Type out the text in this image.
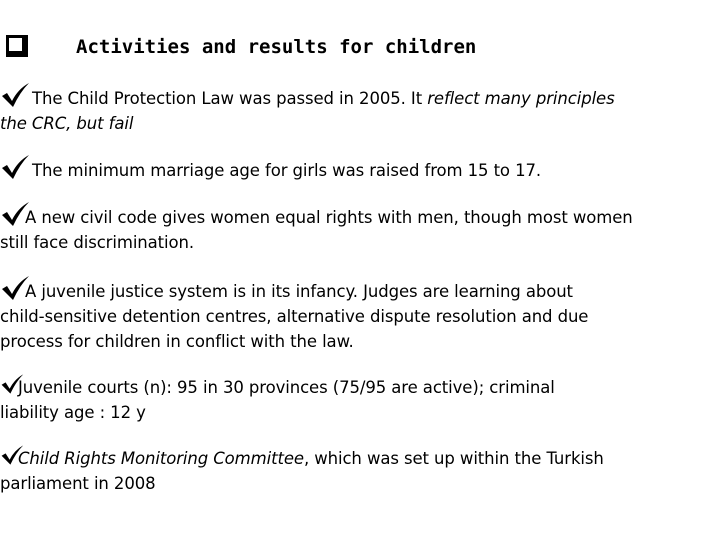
Activities and results for children
The Child Protection Law was passed in 2005. It reflect many principles
the CRC, but fail
The minimum marriage age for girls was raised from 15 to 17.
A new civil code gives women equal rights with men, though most women
still face discrimination.
A juvenile justice system is in its infancy. Judges are learning about
child-sensitive detention centres, alternative dispute resolution and due
process for children in conflict with the law.
Juvenile courts (n): 95 in 30 provinces (75/95 are active); criminal
liability age : 12 y
Child Rights Monitoring Committee, which was set up within the Turkish
parliament in 2008
